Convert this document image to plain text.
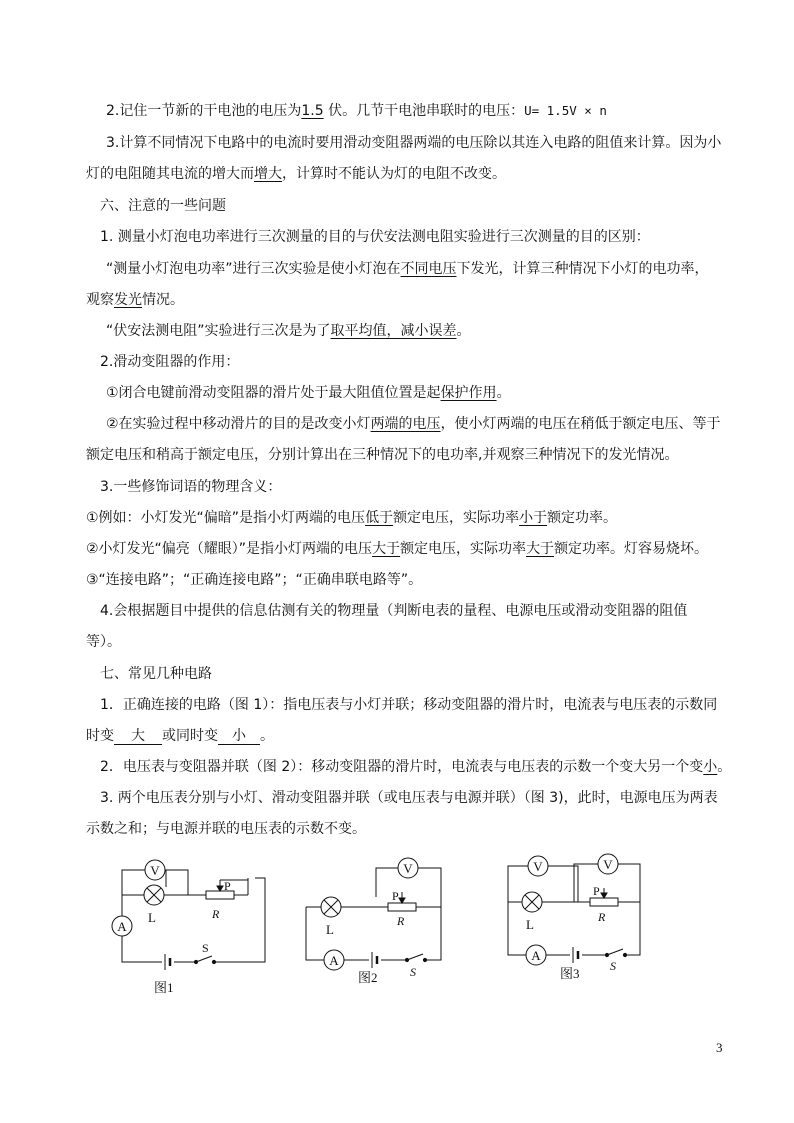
2.记住一节新的干电池的电压为1.5 伏。几节干电池串联时的电压：U= 1.5V × n
3.计算不同情况下电路中的电流时要用滑动变阻器两端的电压除以其连入电路的阻值来计算。因为小
灯的电阻随其电流的增大而增大，计算时不能认为灯的电阻不改变。
六、注意的一些问题
1. 测量小灯泡电功率进行三次测量的目的与伏安法测电阻实验进行三次测量的目的区别：
“测量小灯泡电功率”进行三次实验是使小灯泡在不同电压下发光，计算三种情况下小灯的电功率，
观察发光情况。
“伏安法测电阻”实验进行三次是为了取平均值，减小误差。
2.滑动变阻器的作用：
①闭合电键前滑动变阻器的滑片处于最大阻值位置是起保护作用。
②在实验过程中移动滑片的目的是改变小灯两端的电压，使小灯两端的电压在稍低于额定电压、等于
额定电压和稍高于额定电压，分别计算出在三种情况下的电功率,并观察三种情况下的发光情况。
3.一些修饰词语的物理含义：
①例如：小灯发光“偏暗”是指小灯两端的电压低于额定电压，实际功率小于额定功率。
②小灯发光“偏亮（耀眼）”是指小灯两端的电压大于额定电压，实际功率大于额定功率。灯容易烧坏。
③“连接电路”；“正确连接电路”；“正确串联电路等”。
4.会根据题目中提供的信息估测有关的物理量（判断电表的量程、电源电压或滑动变阻器的阻值
等）。
七、常见几种电路
1．正确连接的电路（图 1）：指电压表与小灯并联；移动变阻器的滑片时，电流表与电压表的示数同
时变 大 或同时变 小 。
2．电压表与变阻器并联（图 2）：移动变阻器的滑片时，电流表与电压表的示数一个变大另一个变小。
3. 两个电压表分别与小灯、滑动变阻器并联（或电压表与电源并联）（图 3)，此时，电源电压为两表
示数之和；与电源并联的电压表的示数不变。
V
L
P
R
A
S
图1
V
L
P
R
A
S
图2
V	V
L
P
R
A
S
图3
3
